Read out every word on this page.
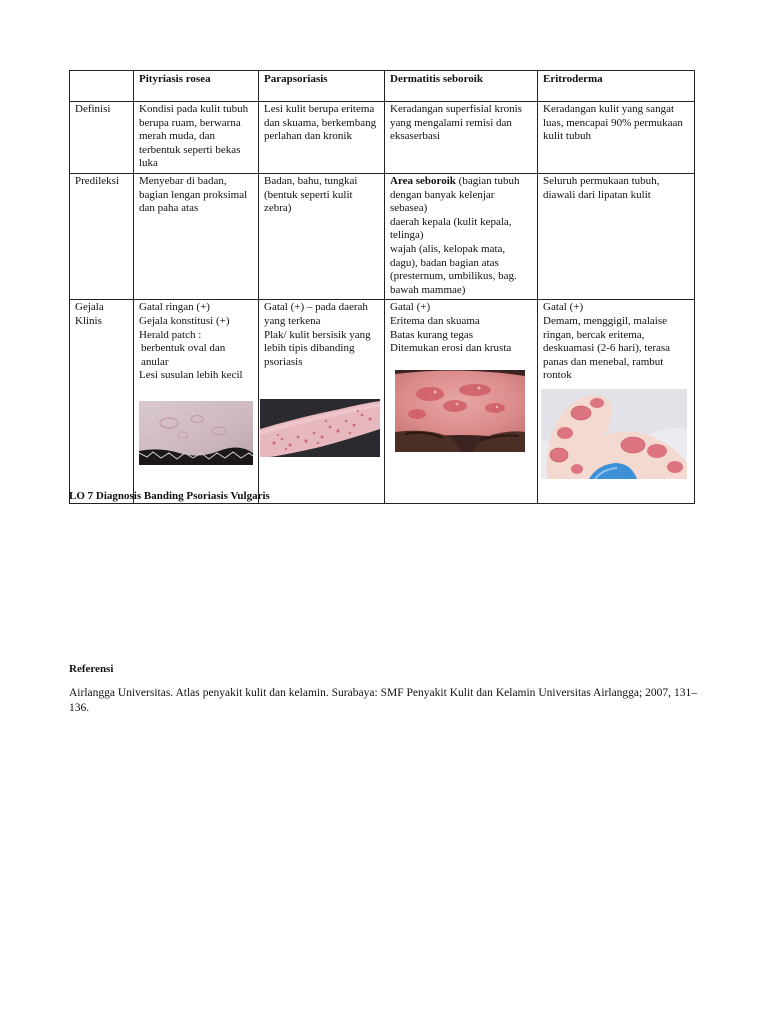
	Pityriasis rosea	Parapsoriasis	Dermatitis seboroik	Eritroderma
Definisi	Kondisi pada kulit tubuh berupa ruam, berwarna merah muda, dan terbentuk seperti bekas luka	Lesi kulit berupa eritema dan skuama, berkembang perlahan dan kronik	Keradangan superfisial kronis yang mengalami remisi dan eksaserbasi	Keradangan kulit yang sangat luas, mencapai 90% permukaan kulit tubuh

Predileksi	Menyebar di badan, bagian lengan proksimal dan paha atas	Badan, bahu, tungkai (bentuk seperti kulit zebra)	Area seboroik (bagian tubuh dengan banyak kelenjar sebasea)
daerah kepala (kulit kepala, telinga)
wajah (alis, kelopak mata, dagu), badan bagian atas (presternum, umbilikus, bag. bawah mammae)	Seluruh permukaan tubuh, diawali dari lipatan kulit

Gejala Klinis	Gatal ringan (+)
Gejala konstitusi (+)
Herald patch :
berbentuk oval dan anular
Lesi susulan lebih kecil	Gatal (+) – pada daerah yang terkena
Plak/ kulit bersisik yang lebih tipis dibanding psoriasis	Gatal (+)
Eritema dan skuama
Batas kurang tegas
Ditemukan erosi dan krusta	Gatal (+)
Demam, menggigil, malaise ringan, bercak eritema, deskuamasi (2-6 hari), terasa panas dan menebal, rambut rontok
LO 7 Diagnosis Banding Psoriasis Vulgaris
Referensi
Airlangga Universitas. Atlas penyakit kulit dan kelamin. Surabaya: SMF Penyakit Kulit dan Kelamin Universitas Airlangga; 2007, 131– 136.
